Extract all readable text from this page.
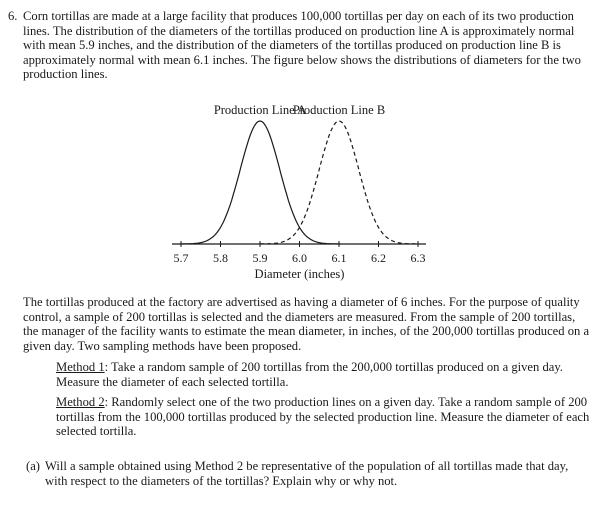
6. Corn tortillas are made at a large facility that produces 100,000 tortillas per day on each of its two production lines. The distribution of the diameters of the tortillas produced on production line A is approximately normal with mean 5.9 inches, and the distribution of the diameters of the tortillas produced on production line B is approximately normal with mean 6.1 inches. The figure below shows the distributions of diameters for the two production lines.
5.7 5.8 5.9 6.0 6.1 6.2 6.3
Diameter (inches)
Production Line A
Production Line B
The tortillas produced at the factory are advertised as having a diameter of 6 inches. For the purpose of quality control, a sample of 200 tortillas is selected and the diameters are measured. From the sample of 200 tortillas, the manager of the facility wants to estimate the mean diameter, in inches, of the 200,000 tortillas produced on a given day. Two sampling methods have been proposed.
Method 1: Take a random sample of 200 tortillas from the 200,000 tortillas produced on a given day. Measure the diameter of each selected tortilla.
Method 2: Randomly select one of the two production lines on a given day. Take a random sample of 200 tortillas from the 100,000 tortillas produced by the selected production line. Measure the diameter of each selected tortilla.
(a) Will a sample obtained using Method 2 be representative of the population of all tortillas made that day, with respect to the diameters of the tortillas? Explain why or why not.
